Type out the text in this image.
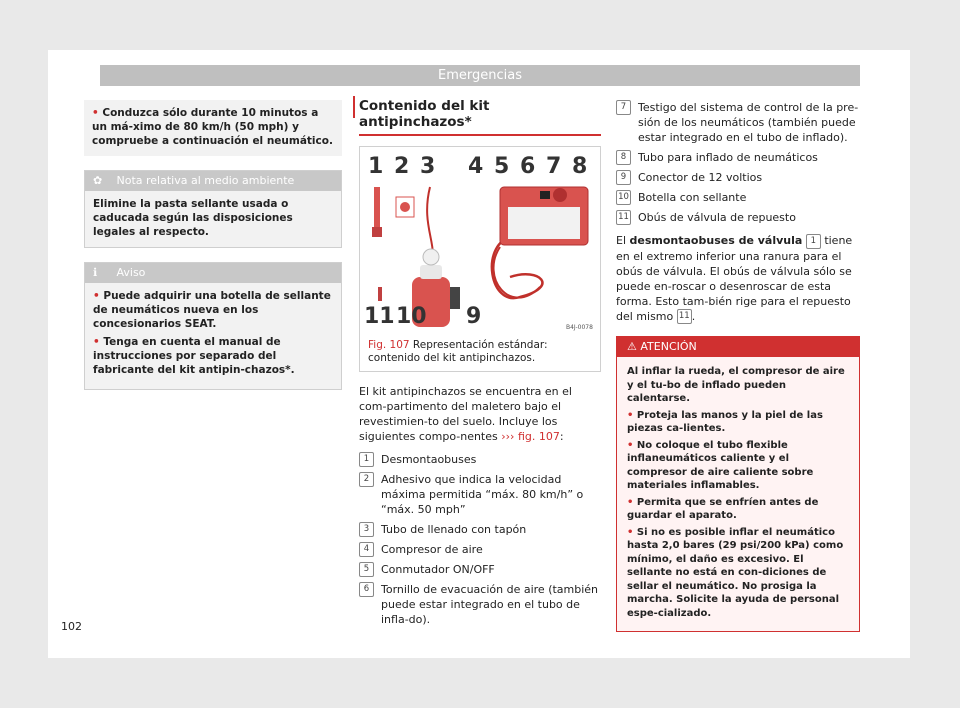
Emergencias
• Conduzca sólo durante 10 minutos a un má-ximo de 80 km/h (50 mph) y compruebe a continuación el neumático.
✿ Nota relativa al medio ambiente
Elimine la pasta sellante usada o caducada según las disposiciones legales al respecto.
ℹ Aviso

• Puede adquirir una botella de sellante de neumáticos nueva en los concesionarios SEAT.

• Tenga en cuenta el manual de instrucciones por separado del fabricante del kit antipin-chazos*.

Contenido del kit antipinchazos*
1 2 3 4 5 6 7 8
11 10 9	B4J-0078
Fig. 107 Representación estándar: contenido del kit antipinchazos.

El kit antipinchazos se encuentra en el com-partimento del maletero bajo el revestimien-to del suelo. Incluye los siguientes compo-nentes ››› fig. 107:

1	Desmontaobuses
2	Adhesivo que indica la velocidad máxima permitida “máx. 80 km/h” o “máx. 50 mph”
3	Tubo de llenado con tapón
4	Compresor de aire
5	Conmutador ON/OFF
6	Tornillo de evacuación de aire (también puede estar integrado en el tubo de infla-do).
7	Testigo del sistema de control de la pre-sión de los neumáticos (también puede estar integrado en el tubo de inflado).
8	Tubo para inflado de neumáticos
9	Conector de 12 voltios
10 Botella con sellante
11 Obús de válvula de repuesto

El desmontaobuses de válvula 1 tiene en el extremo inferior una ranura para el obús de válvula. El obús de válvula sólo se puede en-roscar o desenroscar de esta forma. Esto tam-bién rige para el repuesto del mismo 11 .

⚠ ATENCIÓN

Al inflar la rueda, el compresor de aire y el tu-bo de inflado pueden calentarse.

• Proteja las manos y la piel de las piezas ca-lientes.

• No coloque el tubo flexible inflaneumáticos caliente y el compresor de aire caliente sobre materiales inflamables.

• Permita que se enfríen antes de guardar el aparato.

• Si no es posible inflar el neumático hasta 2,0 bares (29 psi/200 kPa) como mínimo, el daño es excesivo. El sellante no está en con-diciones de sellar el neumático. No prosiga la marcha. Solicite la ayuda de personal espe-cializado.

102
